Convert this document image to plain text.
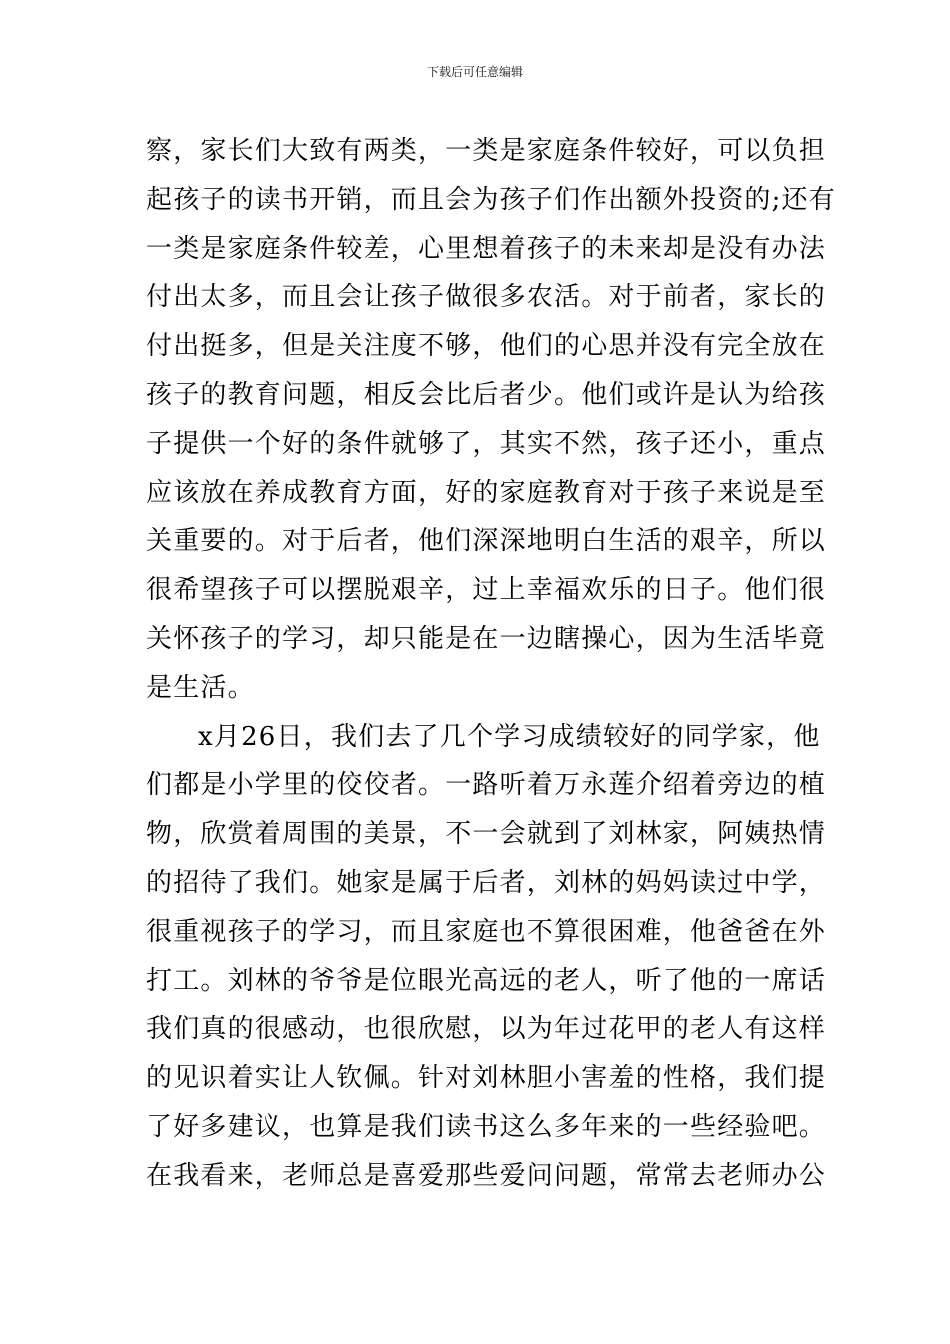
下载后可任意编辑
察，家长们大致有两类，一类是家庭条件较好，可以负担
起孩子的读书开销，而且会为孩子们作出额外投资的;还有
一类是家庭条件较差，心里想着孩子的未来却是没有办法
付出太多，而且会让孩子做很多农活。对于前者，家长的
付出挺多，但是关注度不够，他们的心思并没有完全放在
孩子的教育问题，相反会比后者少。他们或许是认为给孩
子提供一个好的条件就够了，其实不然，孩子还小，重点
应该放在养成教育方面，好的家庭教育对于孩子来说是至
关重要的。对于后者，他们深深地明白生活的艰辛，所以
很希望孩子可以摆脱艰辛，过上幸福欢乐的日子。他们很
关怀孩子的学习，却只能是在一边瞎操心，因为生活毕竟
是生活。
x月26日，我们去了几个学习成绩较好的同学家，他
们都是小学里的佼佼者。一路听着万永莲介绍着旁边的植
物，欣赏着周围的美景，不一会就到了刘林家，阿姨热情
的招待了我们。她家是属于后者，刘林的妈妈读过中学，
很重视孩子的学习，而且家庭也不算很困难，他爸爸在外
打工。刘林的爷爷是位眼光高远的老人，听了他的一席话
我们真的很感动，也很欣慰，以为年过花甲的老人有这样
的见识着实让人钦佩。针对刘林胆小害羞的性格，我们提
了好多建议，也算是我们读书这么多年来的一些经验吧。
在我看来，老师总是喜爱那些爱问问题，常常去老师办公
